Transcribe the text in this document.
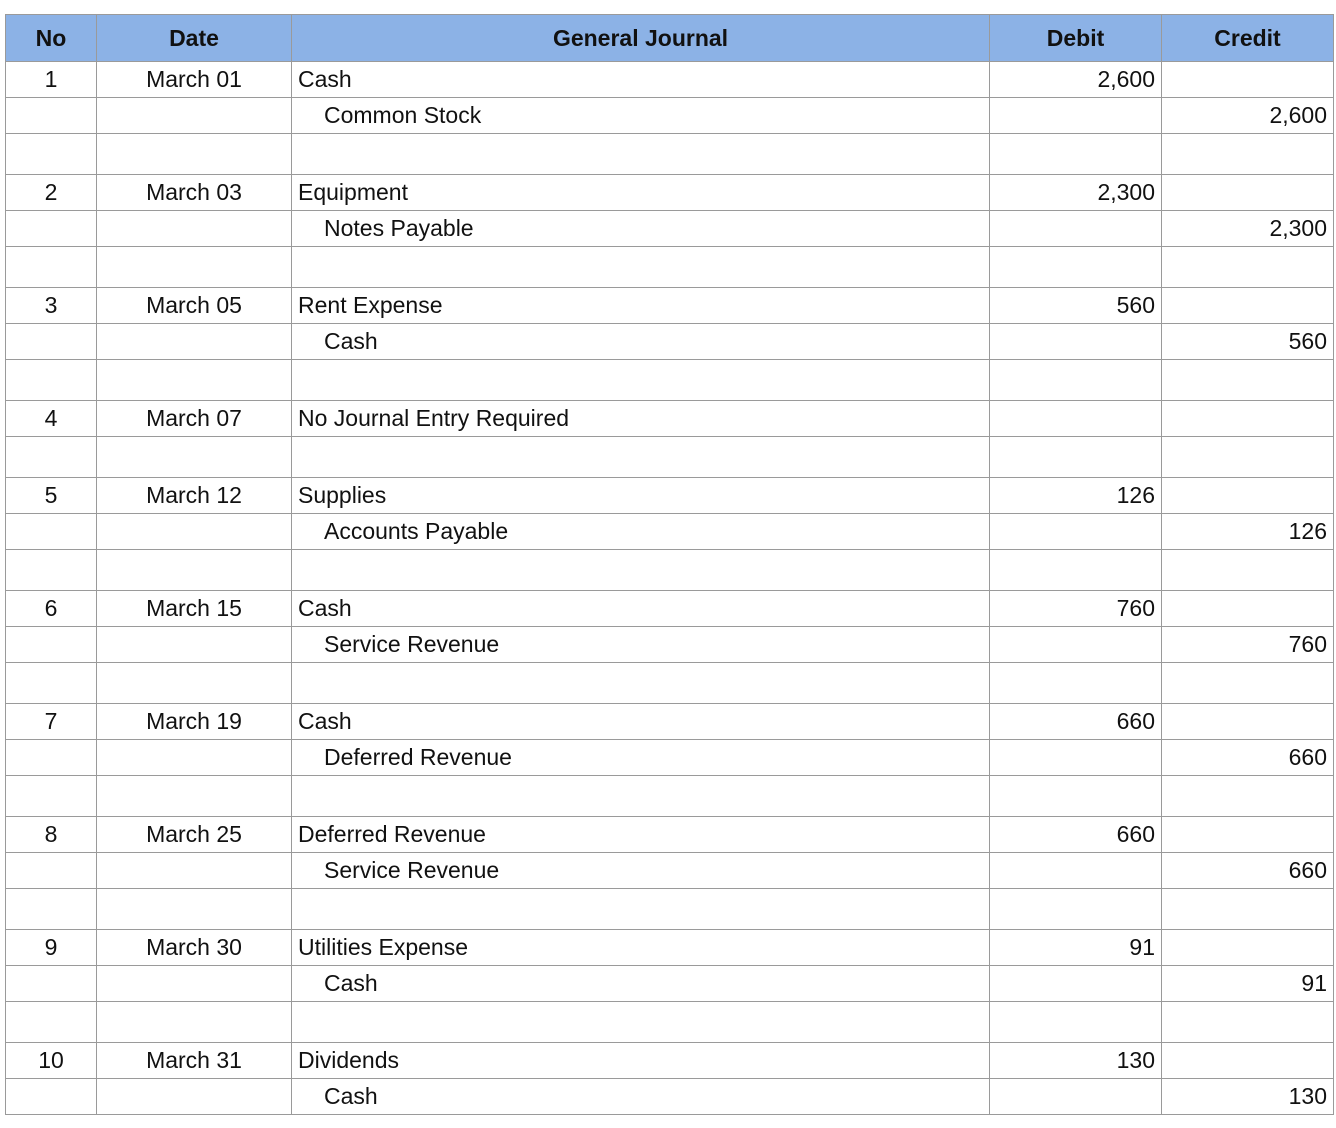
No	Date	General Journal	Debit	Credit
1	March 01	Cash	2,600	
		Common Stock		2,600

2	March 03	Equipment	2,300	
		Notes Payable		2,300

3	March 05	Rent Expense	560	
		Cash		560

4	March 07	No Journal Entry Required		

5	March 12	Supplies	126	
		Accounts Payable		126

6	March 15	Cash	760	
		Service Revenue		760

7	March 19	Cash	660	
		Deferred Revenue		660

8	March 25	Deferred Revenue	660	
		Service Revenue		660

9	March 30	Utilities Expense	91	
		Cash		91

10	March 31	Dividends	130	
		Cash		130
